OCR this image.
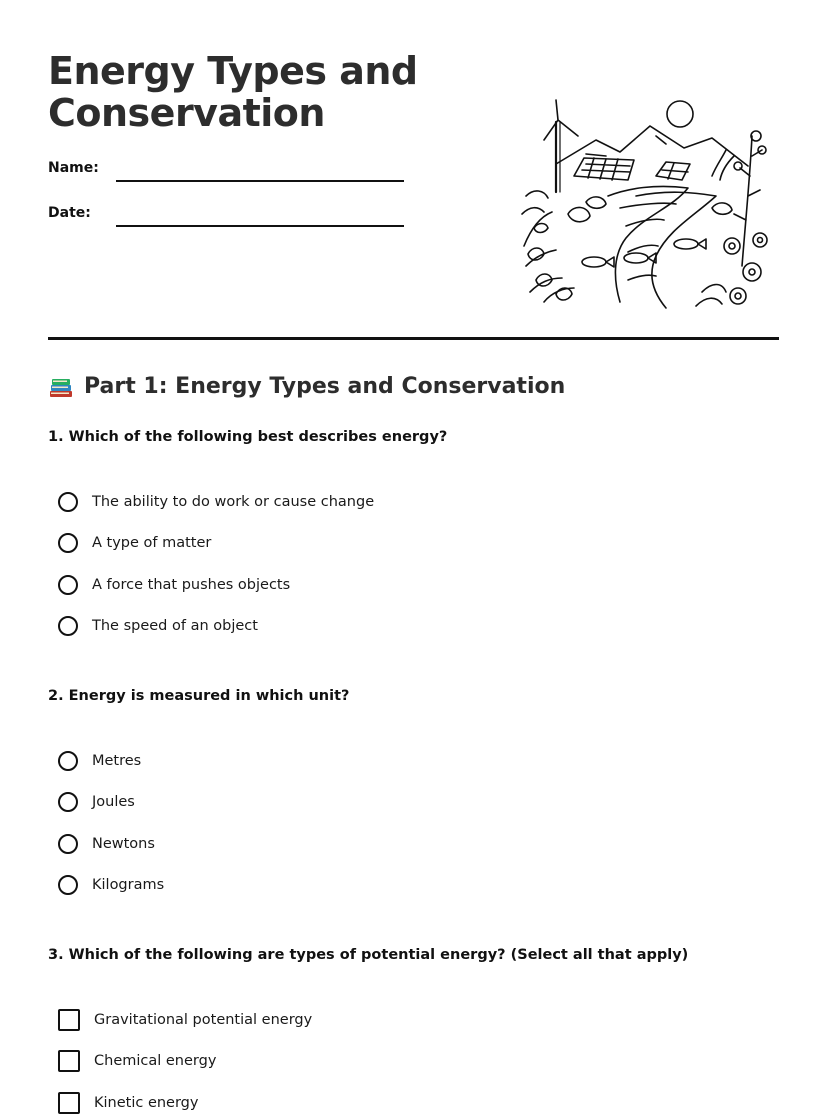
Energy Types and Conservation
Name:
Date:
Part 1: Energy Types and Conservation
1. Which of the following best describes energy?
The ability to do work or cause change
A type of matter
A force that pushes objects
The speed of an object
2. Energy is measured in which unit?
Metres
Joules
Newtons
Kilograms
3. Which of the following are types of potential energy? (Select all that apply)
Gravitational potential energy
Chemical energy
Kinetic energy
